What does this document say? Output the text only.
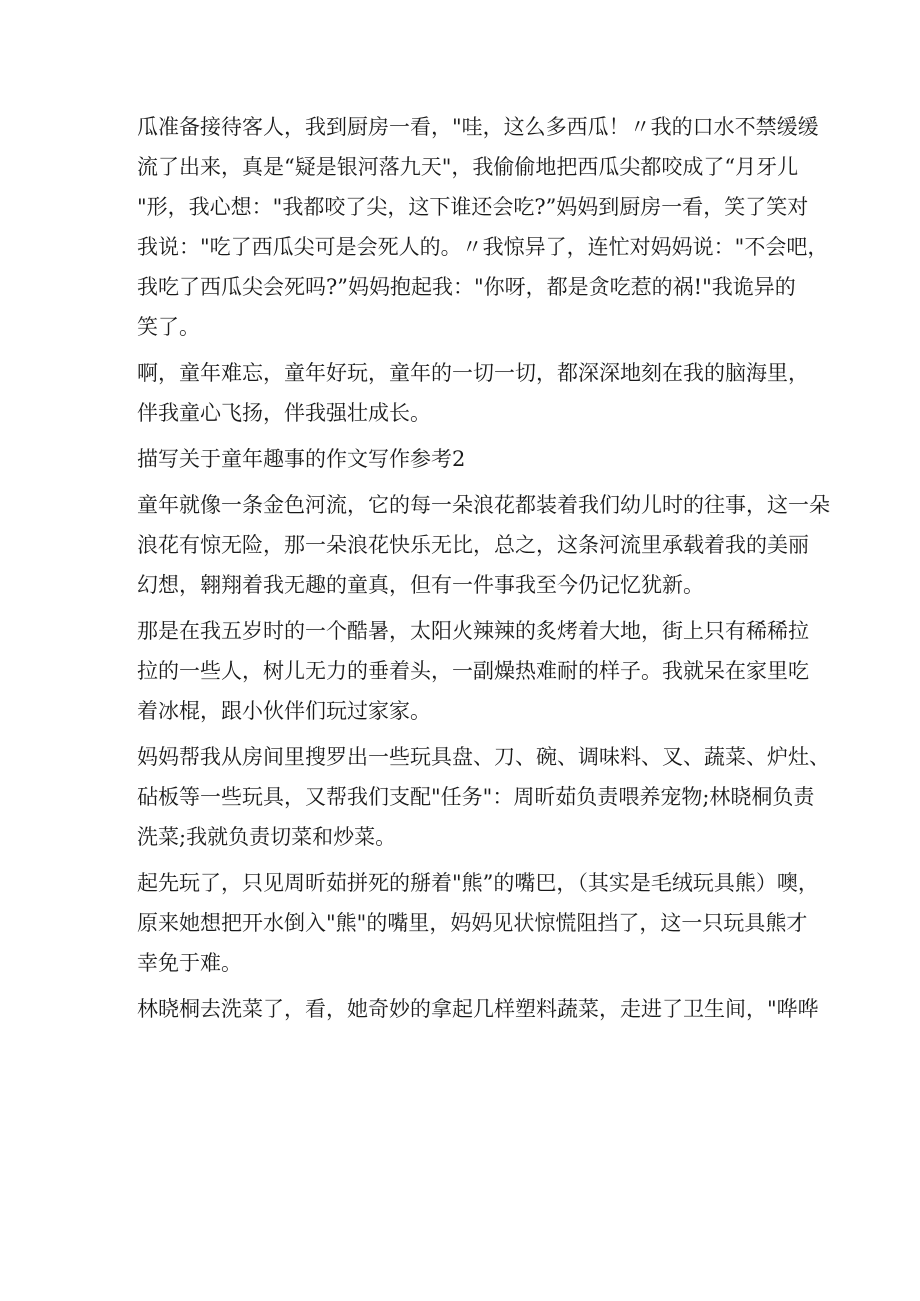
瓜准备接待客人，我到厨房一看，"哇，这么多西瓜！〃我的口水不禁缓缓
流了出来，真是“疑是银河落九天"，我偷偷地把西瓜尖都咬成了“月牙儿
"形，我心想："我都咬了尖，这下谁还会吃?”妈妈到厨房一看，笑了笑对
我说："吃了西瓜尖可是会死人的。〃我惊异了，连忙对妈妈说："不会吧，
我吃了西瓜尖会死吗?”妈妈抱起我："你呀，都是贪吃惹的祸!"我诡异的
笑了。
啊，童年难忘，童年好玩，童年的一切一切，都深深地刻在我的脑海里，
伴我童心飞扬，伴我强壮成长。
描写关于童年趣事的作文写作参考2
童年就像一条金色河流，它的每一朵浪花都装着我们幼儿时的往事，这一朵
浪花有惊无险，那一朵浪花快乐无比，总之，这条河流里承载着我的美丽
幻想，翱翔着我无趣的童真，但有一件事我至今仍记忆犹新。
那是在我五岁时的一个酷暑，太阳火辣辣的炙烤着大地，街上只有稀稀拉
拉的一些人，树儿无力的垂着头，一副燥热难耐的样子。我就呆在家里吃
着冰棍，跟小伙伴们玩过家家。
妈妈帮我从房间里搜罗出一些玩具盘、刀、碗、调味料、叉、蔬菜、炉灶、
砧板等一些玩具，又帮我们支配"任务"：周昕茹负责喂养宠物;林晓桐负责
洗菜;我就负责切菜和炒菜。
起先玩了，只见周昕茹拼死的掰着"熊”的嘴巴，（其实是毛绒玩具熊）噢，
原来她想把开水倒入"熊"的嘴里，妈妈见状惊慌阻挡了，这一只玩具熊才
幸免于难。
林晓桐去洗菜了，看，她奇妙的拿起几样塑料蔬菜，走进了卫生间，"哗哗
